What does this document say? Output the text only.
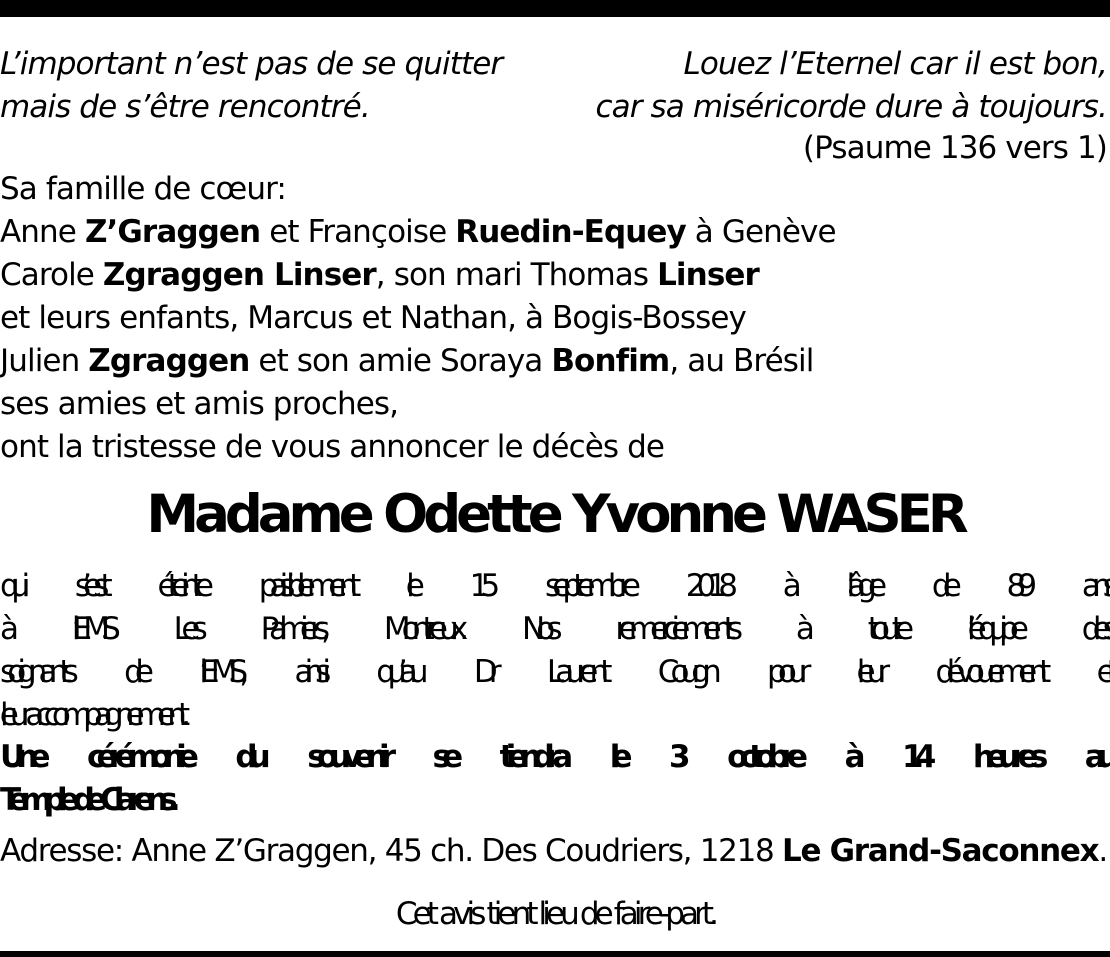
L’important n’est pas de se quitter
mais de s’être rencontré.
Louez l’Eternel car il est bon,
car sa miséricorde dure à toujours.
(Psaume 136 vers 1)
Sa famille de cœur:
Anne Z’Graggen et Françoise Ruedin-Equey à Genève
Carole Zgraggen Linser, son mari Thomas Linser
et leurs enfants, Marcus et Nathan, à Bogis-Bossey
Julien Zgraggen et son amie Soraya Bonfim, au Brésil
ses amies et amis proches,
ont la tristesse de vous annoncer le décès de
Madame Odette Yvonne WASER
qui s’est éteinte paisiblement le 15 septembre 2018 à l’âge de 89 ans
à l’EMS Les Palmiers, Montreux. Nos remerciements à toute l’équipe des
soignants de l’EMS, ainsi qu’au Dr Laurent Cougn pour leur dévouement et
leur accompagnement.
Une cérémonie du souvenir se tiendra le 3 octobre à 14 heures au
Temple de Clarens.
Adresse: Anne Z’Graggen, 45 ch. Des Coudriers, 1218 Le Grand-Saconnex.
Cet avis tient lieu de faire-part.
